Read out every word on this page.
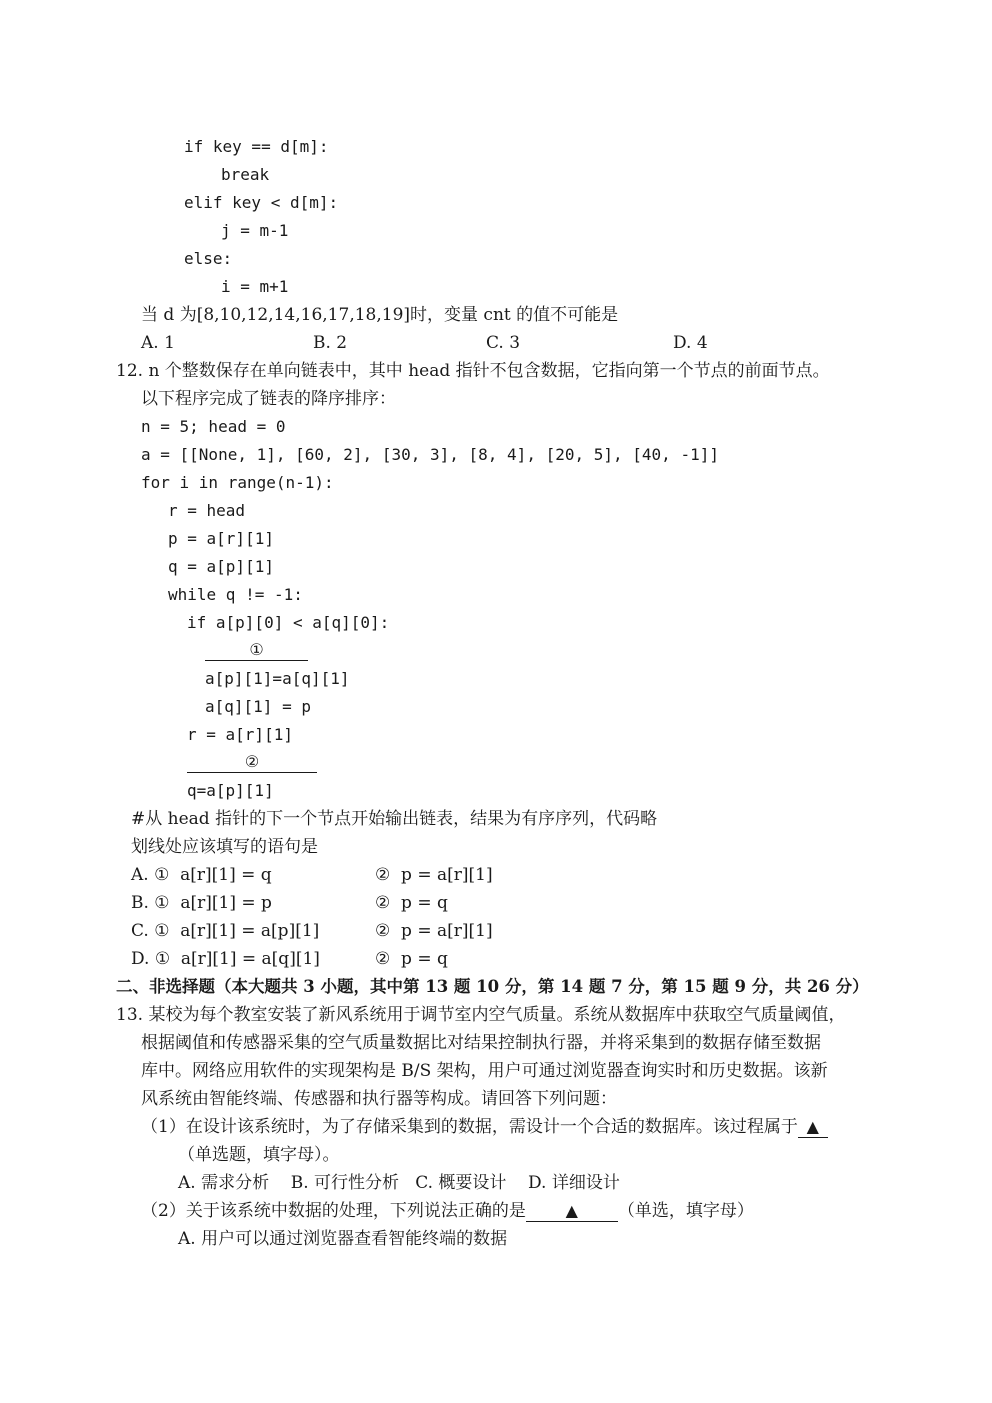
if key == d[m]:
break
elif key < d[m]:
j = m-1
else:
i = m+1
当 d 为[8,10,12,14,16,17,18,19]时，变量 cnt 的值不可能是
A. 1	B. 2	C. 3	D. 4
12. n 个整数保存在单向链表中，其中 head 指针不包含数据，它指向第一个节点的前面节点。
以下程序完成了链表的降序排序：
n = 5; head = 0
a = [[None, 1], [60, 2], [30, 3], [8, 4], [20, 5], [40, -1]]
for i in range(n-1):
r = head
p = a[r][1]
q = a[p][1]
while q != -1:
if a[p][0] < a[q][0]:
①
a[p][1]=a[q][1]
a[q][1] = p
r = a[r][1]
②
q=a[p][1]
#从 head 指针的下一个节点开始输出链表，结果为有序序列，代码略
划线处应该填写的语句是
A. ①  a[r][1] = q	②  p = a[r][1]
B. ①  a[r][1] = p	②  p = q
C. ①  a[r][1] = a[p][1]	②  p = a[r][1]
D. ①  a[r][1] = a[q][1]	②  p = q
二、非选择题（本大题共 3 小题，其中第 13 题 10 分，第 14 题 7 分，第 15 题 9 分，共 26 分）
13. 某校为每个教室安装了新风系统用于调节室内空气质量。系统从数据库中获取空气质量阈值，
根据阈值和传感器采集的空气质量数据比对结果控制执行器，并将采集到的数据存储至数据
库中。网络应用软件的实现架构是 B/S 架构，用户可通过浏览器查询实时和历史数据。该新
风系统由智能终端、传感器和执行器等构成。请回答下列问题：
（1）在设计该系统时，为了存储采集到的数据，需设计一个合适的数据库。该过程属于 ▲
（单选题，填字母）。
A. 需求分析    B. 可行性分析   C. 概要设计    D. 详细设计
（2）关于该系统中数据的处理，下列说法正确的是 ▲ （单选，填字母）
A. 用户可以通过浏览器查看智能终端的数据
